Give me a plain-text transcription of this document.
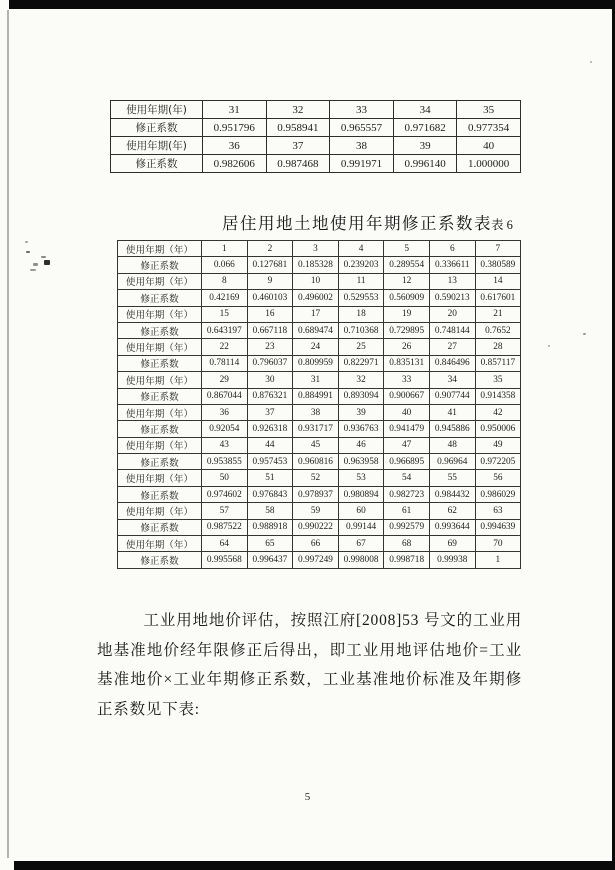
使用年期(年)	31	32	33	34	35
修正系数	0.951796	0.958941	0.965557	0.971682	0.977354
使用年期(年)	36	37	38	39	40
修正系数	0.982606	0.987468	0.991971	0.996140	1.000000
居住用地土地使用年期修正系数表 表 6
使用年期（年）	1	2	3	4	5	6	7
修正系数	0.066	0.127681	0.185328	0.239203	0.289554	0.336611	0.380589
使用年期（年）	8	9	10	11	12	13	14
修正系数	0.42169	0.460103	0.496002	0.529553	0.560909	0.590213	0.617601
使用年期（年）	15	16	17	18	19	20	21
修正系数	0.643197	0.667118	0.689474	0.710368	0.729895	0.748144	0.7652
使用年期（年）	22	23	24	25	26	27	28
修正系数	0.78114	0.796037	0.809959	0.822971	0.835131	0.846496	0.857117
使用年期（年）	29	30	31	32	33	34	35
修正系数	0.867044	0.876321	0.884991	0.893094	0.900667	0.907744	0.914358
使用年期（年）	36	37	38	39	40	41	42
修正系数	0.92054	0.926318	0.931717	0.936763	0.941479	0.945886	0.950006
使用年期（年）	43	44	45	46	47	48	49
修正系数	0.953855	0.957453	0.960816	0.963958	0.966895	0.96964	0.972205
使用年期（年）	50	51	52	53	54	55	56
修正系数	0.974602	0.976843	0.978937	0.980894	0.982723	0.984432	0.986029
使用年期（年）	57	58	59	60	61	62	63
修正系数	0.987522	0.988918	0.990222	0.99144	0.992579	0.993644	0.994639
使用年期（年）	64	65	66	67	68	69	70
修正系数	0.995568	0.996437	0.997249	0.998008	0.998718	0.99938	1
工业用地地价评估，按照江府[2008]53 号文的工业用地基准地价经年限修正后得出，即工业用地评估地价=工业基准地价×工业年期修正系数，工业基准地价标准及年期修正系数见下表:
5
